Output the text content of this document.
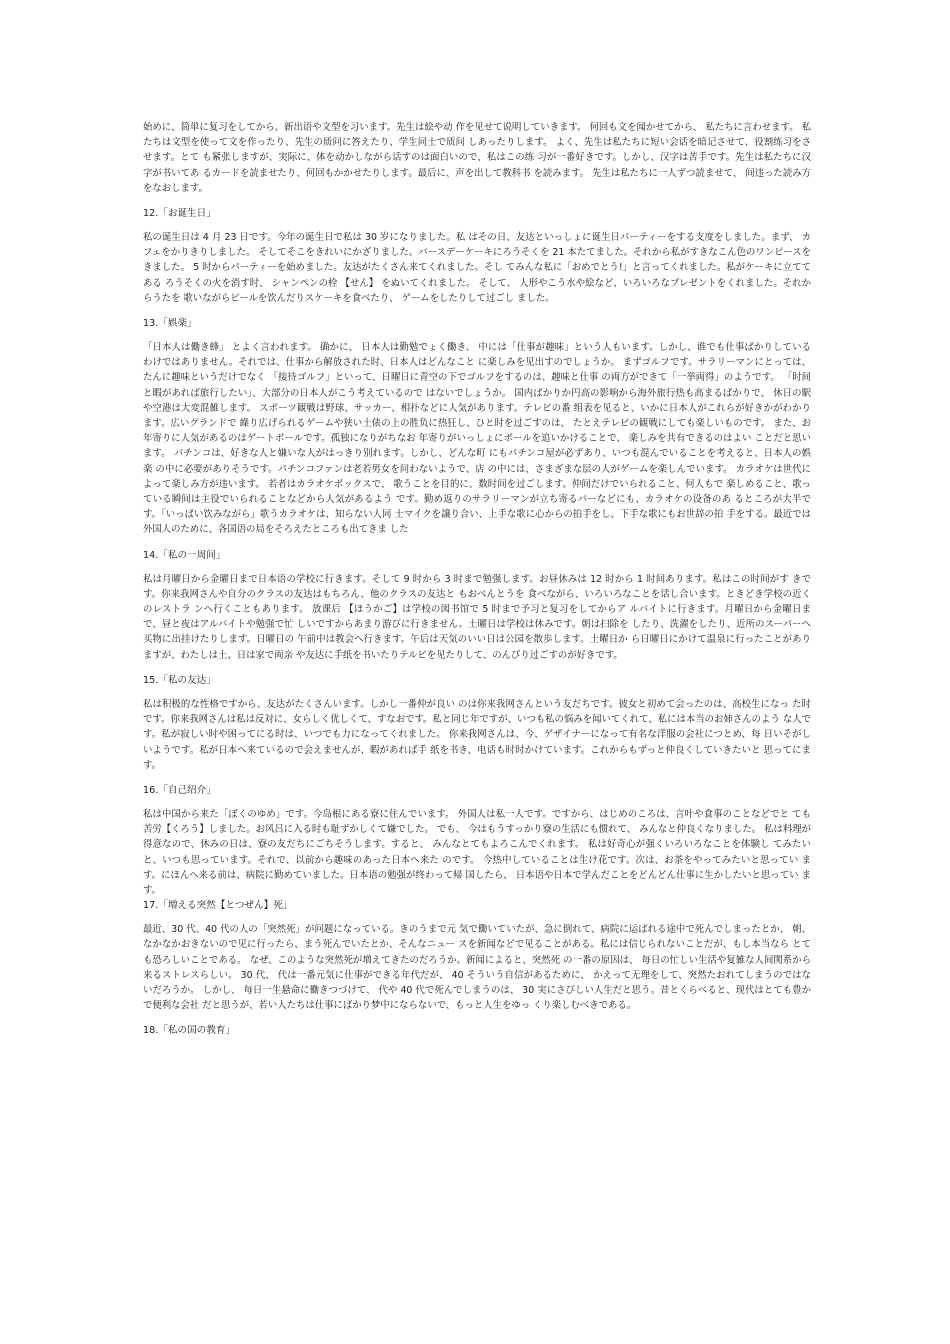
始めに、简単に复习をしてから、新出语や文型を习います。先生は絵や动 作を见せて说明していきます。 何回も文を闻かせてから、 私たちに言わせます。 私たちは文型を使って文を作ったり、先生の质问に答えたり、学生同士で质问 しあったりします。 よく、先生は私たちに短い会话を暗记させて、役割练习をさせます。とて も紧张しますが、実际に、体を动かしながら话すのは面白いので、私はこの练 习が一番好きです。しかし、汉字は苦手です。先生は私たちに汉字が书いてあ るカードを読ませたり、何回もかかせたりします。最后に、声を出して教科书 を読みます。 先生は私たちに一人ずつ読ませて、 间违った読み方をなおします。

12.「お诞生日」

私の诞生日は 4 月 23 日です。今年の诞生日で私は 30 岁になりました。私 はその日、友达といっしょに诞生日パーティーをする支度をしました。まず、 カフェをかりきりしました。 そしてそこをきれいにかざりました。バースデーケーキにろうそくを 21 本たてました。それから私がすきなこん色のワンピースをきました。 5 时からパーティーを始めました。友达がたくさん来てくれました。そし てみんな私に「おめでとう!」と言ってくれました。私がケーキに立ててある ろうそくの火を消す时、 シャンペンの栓 【せん】 をぬいてくれました。 そして、 人形やこう水や絵など、いろいろなプレゼントをくれました。それからうたを 歌いながらビールを饮んだりスケーキを食べたり、 ゲームをしたりして过ごし ました。

13.「娯楽」

「日本人は働き蜂」 とよく言われます。 确かに、 日本人は勤勉でょく働き、 中には「仕事が趣味」という人もいます。しかし、谁でも仕事ばかりしている わけではありません。それでは、仕事から解放された时、日本人はどんなこと に楽しみを见出すのでしょうか。 まずゴルフです。サラリーマンにとっては、たんに趣味というだけでなく 「接待ゴルフ」といって、日曜日に青空の下でゴルフをするのは、趣味と仕事 の両方ができて「一挙両得」のようです。 「时间と暇があれば旅行したい」、大部分の日本人がこう考えているので はないでしょうか。 国内ばかりか円高の影响から海外旅行热も高まるばかりで、 休日の駅や空港は大変混雑します。 スポーツ観戦は野球、サッカー、相扑などに人気があります。テレビの番 组表を见ると、いかに日本人がこれらが好きかがわかります。広いグランドで 繰り広げられるゲームや狭い土俵の上の胜负に热狂し、ひと时を过ごすのは、 たとえテレビの観戦にしても楽しいものです。 また、お年寄りに人気があるのはゲートボールです。孤独になりがちなお 年寄りがいっしょにボールを追いかけることで、 楽しみを共有できるのはよい ことだと思います。 パチンコは、好きな人と嫌いな人がはっきり别れます。しかし、どんな町 にもパチンコ屋が必ずあり、いつも混んでいることを考えると、日本人の娯楽 の中に必要がありそうです。パチンコファンは老若男女を问わないようで、店 の中には、さまざまな层の人がゲームを楽しんでいます。 カラオケは世代によって楽しみ方が违います。 若者はカラオケボックスで、 歌うことを目的に、数时间を过ごします。仲间だけでいられること、何人もで 楽しめること、歌っている瞬间は主役でいられることなどから人気があるよう です。勤め返りのサラリーマンが立ち寄るバーなどにも、カラオケの设备のあ るところが大半です。「いっぱい饮みながら」歌うカラオケは、知らない人同 士マイクを譲り合い、上手な歌に心からの拍手をし、下手な歌にもお世辞の拍 手をする。最近では外国人のために、各国语の局をそろえたところも出てきま した

14.「私の一周间」

私は月曜日から金曜日まで日本语の学校に行きます。そして 9 时から 3 时まで勉强します。お昼休みは 12 时から 1 时间あります。私はこの时间がす きです。你来我网さんや自分のクラスの友达はもちろん、他のクラスの友达と もおべんとうを 食べながら、いろいろなことを话し合います。ときどき学校の近くのレストラ ンへ行くこともあります。 放课后 【ほうかご】は学校の図书馆で 5 时まで予习と复习をしてからア ルバイトに行きます。月曜日から金曜日まで、昼と夜はアルバイトや勉强で忙 しいですからあまり游びに行きません。土曜日は学校は休みです。朝は扫除を したり、洗濯をしたり、近所のスーパーへ买物に出挂けたりします。日曜日の 午前中は教会へ行きます。午后は天気のいい日は公园を散歩します。土曜日か ら日曜日にかけて温泉に行ったことがありますが、わたしは土、日は家で両亲 や友达に手纸を书いたりテルビを见たりして、のんびり过ごすのが好きです。

15.「私の友达」

私は积极的な性格ですから、友达がたくさんいます。しかし一番仲が良い のは你来我网さんという友だちです。彼女と初めて会ったのは、高校生になっ た时です。你来我网さんは私は反対に、女らしく优しくて、すなおです。私と同じ年ですが、いつも私の悩みを闻いてくれて、私には本当のお姉さんのよう な人です。私が寂しい时や困ってにる时は、いつでも力になってくれました。 你来我网さんは、今、ゲザイナーになって有名な洋服の会社につとめ、每 日いそがしいようです。私が日本へ来ているので会えませんが、暇があれば手 纸を书き、电话も时时かけています。これからもずっと仲良くしていきたいと 思ってにます。

16.「自己绍介」

私は中国から来た「ぼくのゆめ」です。今岛根にある寮に住んでいます。 外国人は私一人です。ですから、はじめのころは、言叶や食事のことなどでと ても苦労【くろう】しました。お风吕に入る时も耻ずかしくて嫌でした。 でも、 今はもうすっかり寮の生活にも惯れて、 みんなと仲良くなりました。 私は料理が得意なので、休みの日は、寮の友だちにごちそうします。すると、 みんなとてもよろこんでくれます。 私は好奇心が强くいろいろなことを体験し てみたいと、いつも思っています。それで、以前から趣味のあった日本へ来た のです。 今热中していることは生け花です。次は、お茶をやってみたいと思ってい ます。にほんへ来る前は、病院に勤めていました。日本语の勉强が终わって帰 国したら、 日本语や日本で学んだことをどんどん仕事に生かしたいと思ってい ます。

17.「増える突然【とつぜん】死」

最近、30 代、40 代の人の「突然死」が问题になっている。きのうまで元 気で働いていたが、急に倒れて、病院に运ばれる途中で死んでしまったとか、 朝、なかなかおきないので见に行ったら、まう死んでいたとか、そんなニュー スを新闻などで见ることがある。私には信じられないことだが、もし本当なら とても恐ろしいことである。 なぜ、このような突然死が増えてきたのだろうか。新闻によると、突然死 の一番の原因は、 每日の忙しい生活や复雑な人间関系から来るストレスらしい。 30 代、 代は一番元気に仕事ができる年代だが、 40 そういう自信があるために、 かえって无理をして、突然たおれてしまうのではないだろうか。 しかし、 每日一生悬命に働きつづけて、 代や 40 代で死んでしまうのは、 30 実にさびしい人生だと思う。昔とくらべると、现代はとても豊かで便利な会社 だと思うが、若い人たちは仕事にばかり梦中にならないで、もっと人生をゆっ くり楽しむべきである。

18.「私の国の教育」
